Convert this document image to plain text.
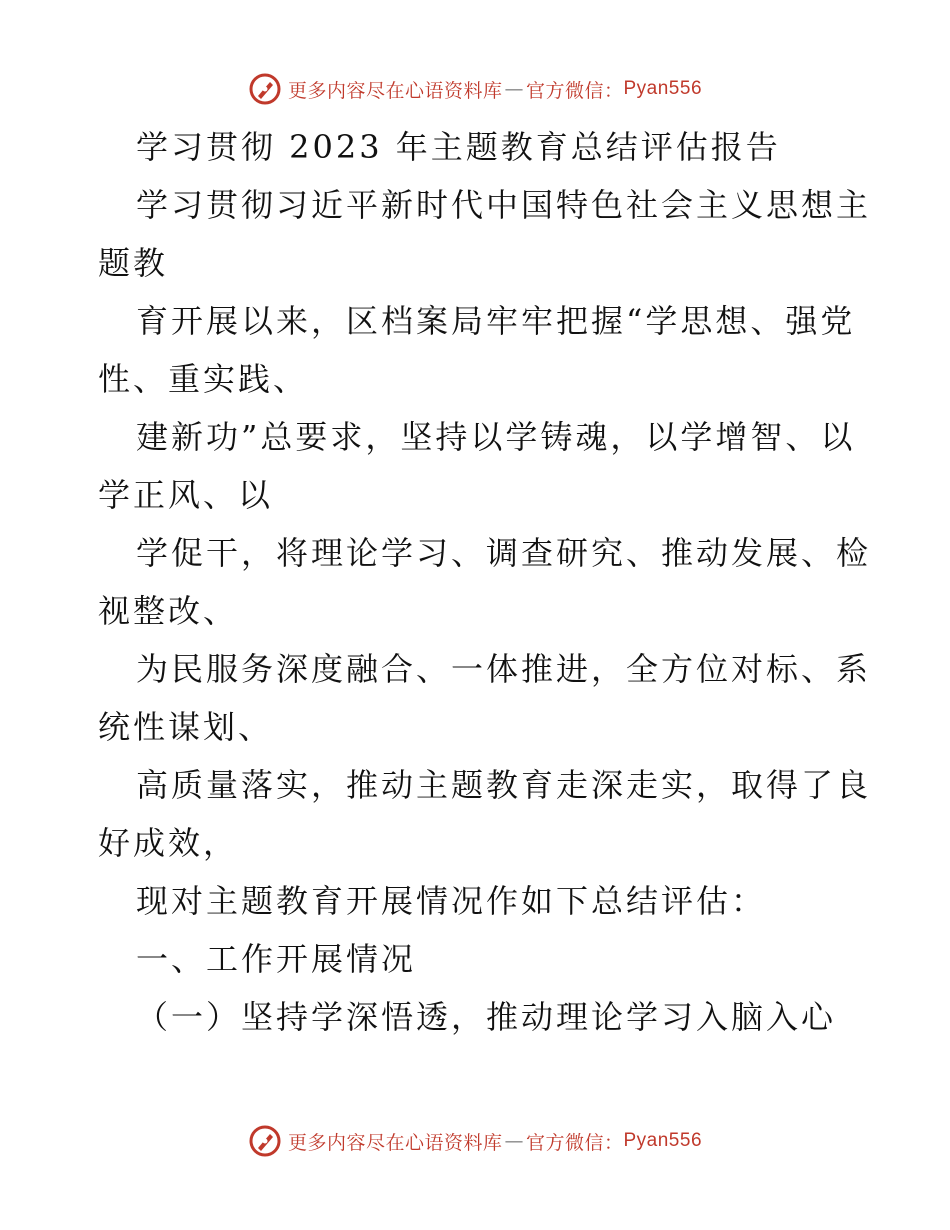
更多内容尽在心语资料库 — 官方微信： Pyan556

学习贯彻 2023 年主题教育总结评估报告

学习贯彻习近平新时代中国特色社会主义思想主

题教

育开展以来，区档案局牢牢把握“学思想、强党

性、重实践、

建新功”总要求，坚持以学铸魂，以学增智、以

学正风、以

学促干，将理论学习、调查研究、推动发展、检

视整改、

为民服务深度融合、一体推进，全方位对标、系

统性谋划、

高质量落实，推动主题教育走深走实，取得了良

好成效，

现对主题教育开展情况作如下总结评估：

一、工作开展情况

（一）坚持学深悟透，推动理论学习入脑入心

更多内容尽在心语资料库 — 官方微信： Pyan556
